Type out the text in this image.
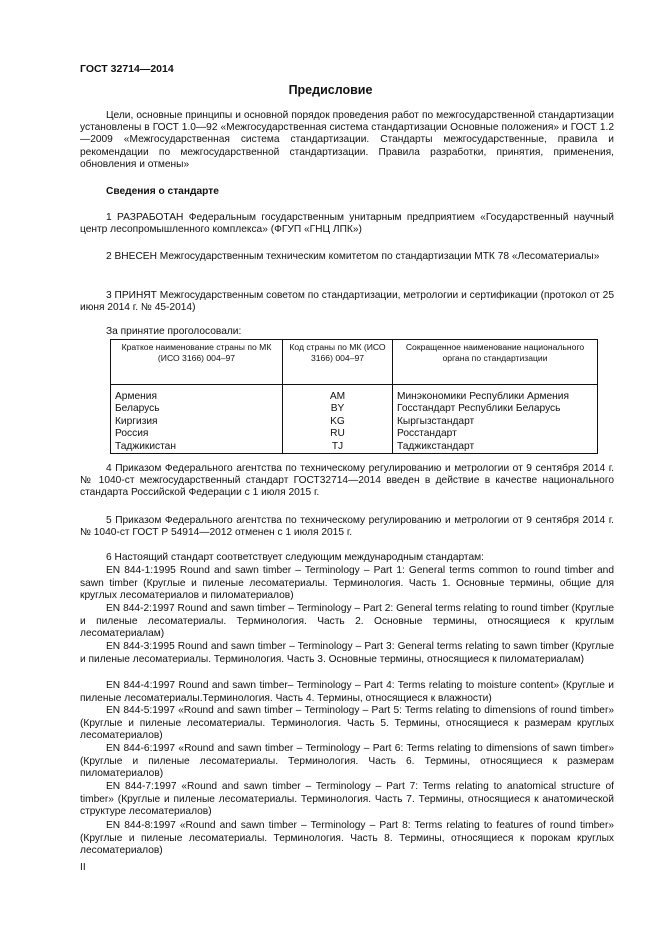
ГОСТ 32714—2014
Предисловие
Цели, основные принципы и основной порядок проведения работ по межгосударственной стандартизации установлены в ГОСТ 1.0—92 «Межгосударственная система стандартизации Основные положения» и ГОСТ 1.2—2009 «Межгосударственная система стандартизации. Стандарты межгосударственные, правила и рекомендации по межгосударственной стандартизации. Правила разработки, принятия, применения, обновления и отмены»
Сведения о стандарте
1 РАЗРАБОТАН Федеральным государственным унитарным предприятием «Государственный научный центр лесопромышленного комплекса» (ФГУП «ГНЦ ЛПК»)
2 ВНЕСЕН Межгосударственным техническим комитетом по стандартизации МТК 78 «Лесоматериалы»
3 ПРИНЯТ Межгосударственным советом по стандартизации, метрологии и сертификации (протокол от 25 июня 2014 г. № 45-2014)
За принятие проголосовали:
Краткое наименование страны по МК (ИСО 3166) 004–97	Код страны по МК (ИСО 3166) 004–97	Сокращенное наименование национального органа по стандартизации
Армения	AM	Минэкономики Республики Армения
Беларусь	BY	Госстандарт Республики Беларусь
Киргизия	KG	Кыргызстандарт
Россия	RU	Росстандарт
Таджикистан	TJ	Таджикстандарт
4 Приказом Федерального агентства по техническому регулированию и метрологии от 9 сентября 2014 г. № 1040-ст межгосударственный стандарт ГОСТ32714—2014 введен в действие в качестве национального стандарта Российской Федерации с 1 июля 2015 г.
5 Приказом Федерального агентства по техническому регулированию и метрологии от 9 сентября 2014 г. № 1040-ст ГОСТ Р 54914—2012 отменен с 1 июля 2015 г.
6 Настоящий стандарт соответствует следующим международным стандартам:
EN 844-1:1995 Round and sawn timber – Terminology – Part 1: General terms common to round timber and sawn timber (Круглые и пиленые лесоматериалы. Терминология. Часть 1. Основные термины, общие для круглых лесоматериалов и пиломатериалов)
EN 844-2:1997 Round and sawn timber – Terminology – Part 2: General terms relating to round timber (Круглые и пиленые лесоматериалы. Терминология. Часть 2. Основные термины, относящиеся к круглым лесоматериалам)
EN 844-3:1995 Round and sawn timber – Terminology – Part 3: General terms relating to sawn timber (Круглые и пиленые лесоматериалы. Терминология. Часть 3. Основные термины, относящиеся к пиломатериалам)
EN 844-4:1997 Round and sawn timber– Terminology – Part 4: Terms relating to moisture content» (Круглые и пиленые лесоматериалы.Терминология. Часть 4. Термины, относящиеся к влажности)
EN 844-5:1997 «Round and sawn timber – Terminology – Part 5: Terms relating to dimensions of round timber» (Круглые и пиленые лесоматериалы. Терминология. Часть 5. Термины, относящиеся к размерам круглых лесоматериалов)
EN 844-6:1997 «Round and sawn timber – Terminology – Part 6: Terms relating to dimensions of sawn timber» (Круглые и пиленые лесоматериалы. Терминология. Часть 6. Термины, относящиеся к размерам пиломатериалов)
EN 844-7:1997 «Round and sawn timber – Terminology – Part 7: Terms relating to anatomical structure of timber» (Круглые и пиленые лесоматериалы. Терминология. Часть 7. Термины, относящиеся к анатомической структуре лесоматериалов)
EN 844-8:1997 «Round and sawn timber – Terminology – Part 8: Terms relating to features of round timber» (Круглые и пиленые лесоматериалы. Терминология. Часть 8. Термины, относящиеся к порокам круглых лесоматериалов)
II
